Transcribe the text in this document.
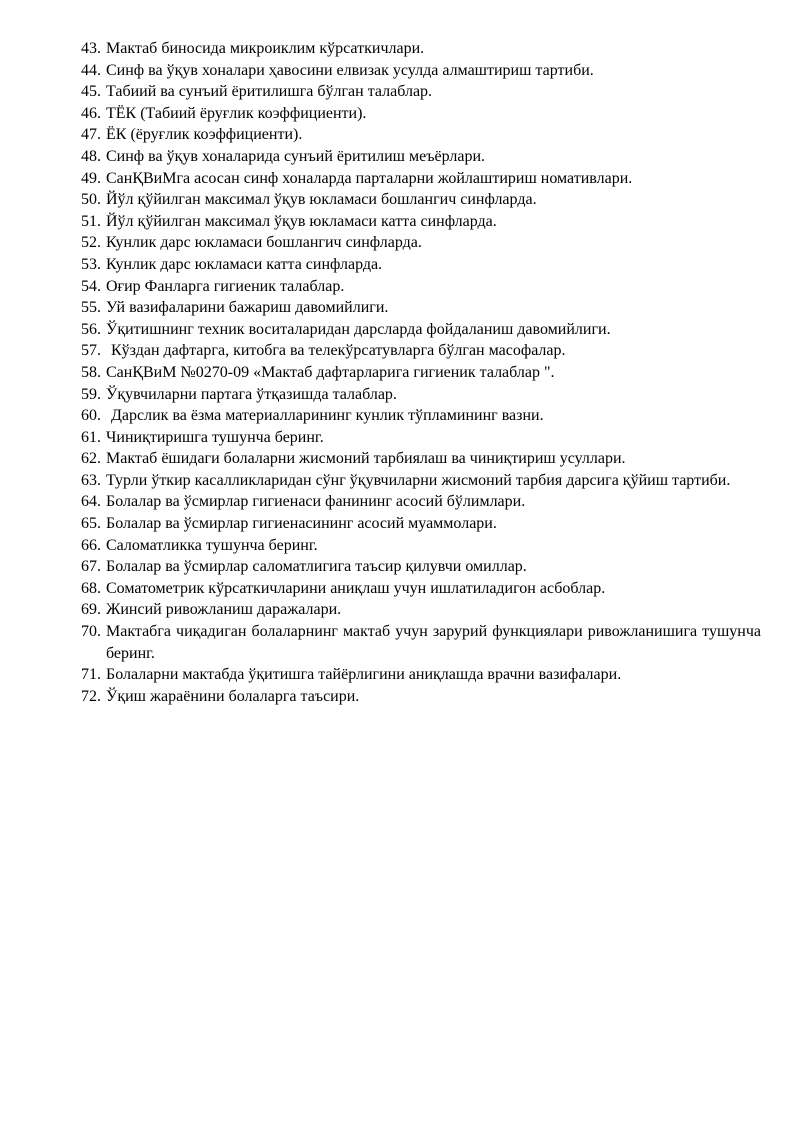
43. Мактаб биносида микроиклим кўрсаткичлари.
44. Синф ва ўқув хоналари ҳавосини елвизак усулда алмаштириш тартиби.
45. Табиий ва сунъий ёритилишга бўлган талаблар.
46. ТЁК (Табиий ёруғлик коэффициенти).
47. ЁК (ёруғлик коэффициенти).
48. Синф ва ўқув хоналарида сунъий ёритилиш меъёрлари.
49. СанҚВиМга асосан синф хоналарда парталарни жойлаштириш номативлари.
50. Йўл қўйилган максимал ўқув юкламаси бошлангич синфларда.
51. Йўл қўйилган максимал ўқув юкламаси катта синфларда.
52. Кунлик дарс юкламаси бошлангич синфларда.
53. Кунлик дарс юкламаси катта синфларда.
54. Оғир Фанларга гигиеник талаблар.
55. Уй вазифаларини бажариш давомийлиги.
56. Ўқитишнинг техник воситаларидан дарсларда фойдаланиш давомийлиги.
57. Кўздан дафтарга, китобга ва телекўрсатувларга бўлган масофалар.
58. СанҚВиМ №0270-09 «Мактаб дафтарларига гигиеник талаблар ".
59. Ўқувчиларни партага ўтқазишда талаблар.
60. Дарслик ва ёзма материалларининг кунлик тўпламининг вазни.
61. Чиниқтиришга тушунча беринг.
62. Мактаб ёшидаги болаларни жисмоний тарбиялаш ва чиниқтириш усуллари.
63. Турли ўткир касалликларидан сўнг ўқувчиларни жисмоний тарбия дарсига қўйиш тартиби.
64. Болалар ва ўсмирлар гигиенаси фанининг асосий бўлимлари.
65. Болалар ва ўсмирлар гигиенасининг асосий муаммолари.
66. Саломатликка тушунча беринг.
67. Болалар ва ўсмирлар саломатлигига таъсир қилувчи омиллар.
68. Соматометрик кўрсаткичларини аниқлаш учун ишлатиладигон асбоблар.
69. Жинсий ривожланиш даражалари.
70. Мактабга чиқадиган болаларнинг мактаб учун зарурий функциялари ривожланишига тушунча беринг.
71. Болаларни мактабда ўқитишга тайёрлигини аниқлашда врачни вазифалари.
72. Ўқиш жараёнини болаларга таъсири.
